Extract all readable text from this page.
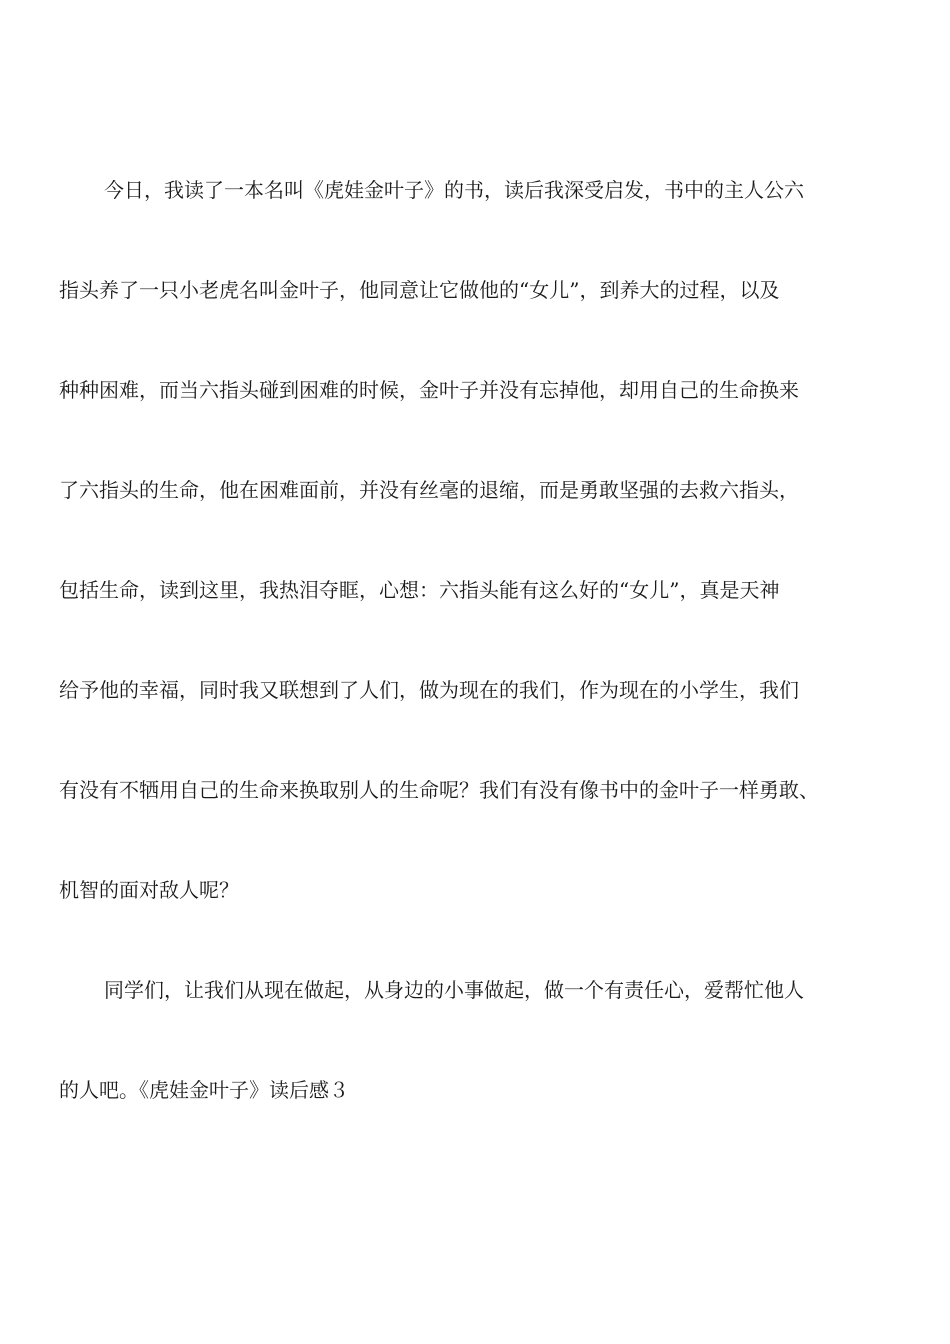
今日，我读了一本名叫《虎娃金叶子》的书，读后我深受启发，书中的主人公六

指头养了一只小老虎名叫金叶子，他同意让它做他的“女儿”，到养大的过程，以及

种种困难，而当六指头碰到困难的时候，金叶子并没有忘掉他，却用自己的生命换来

了六指头的生命，他在困难面前，并没有丝毫的退缩，而是勇敢坚强的去救六指头，

包括生命，读到这里，我热泪夺眶，心想：六指头能有这么好的“女儿”，真是天神

给予他的幸福，同时我又联想到了人们，做为现在的我们，作为现在的小学生，我们

有没有不牺用自己的生命来换取别人的生命呢？我们有没有像书中的金叶子一样勇敢、

机智的面对敌人呢？

同学们，让我们从现在做起，从身边的小事做起，做一个有责任心，爱帮忙他人

的人吧。《虎娃金叶子》读后感３
